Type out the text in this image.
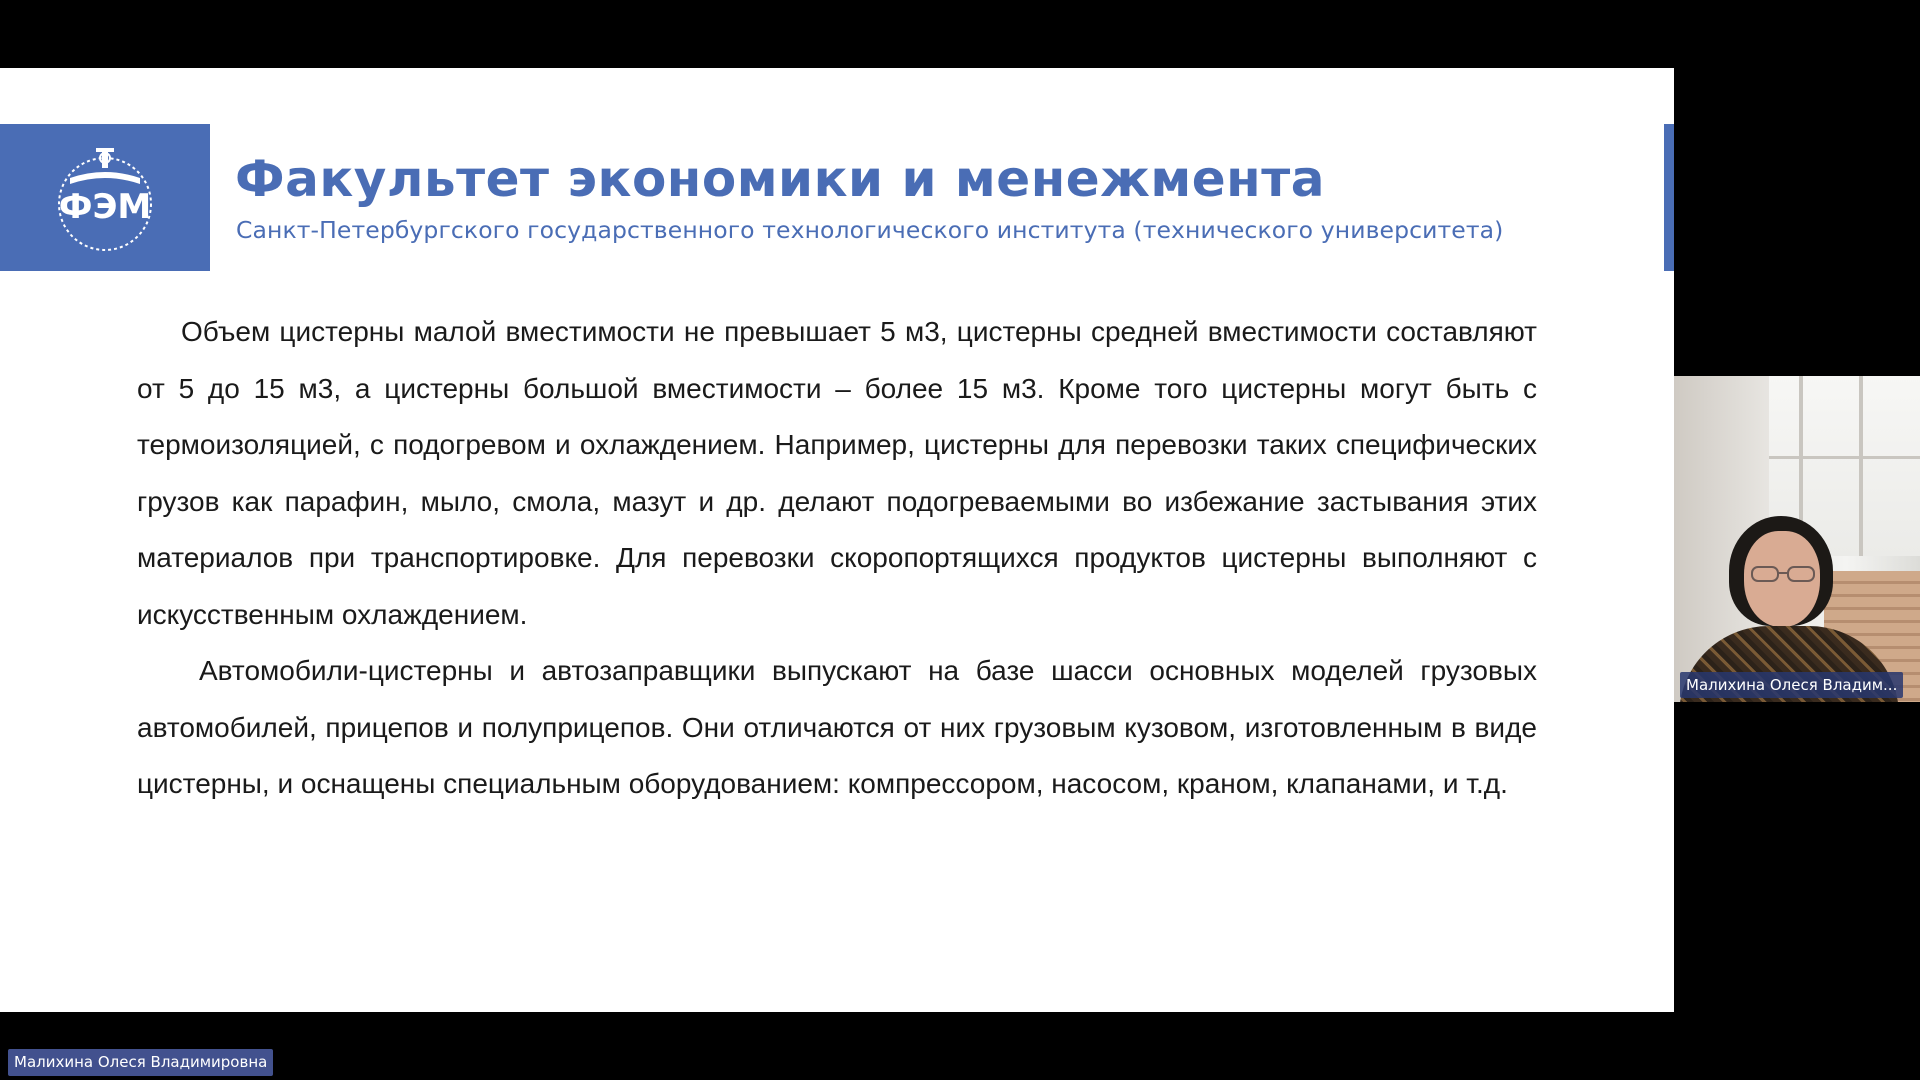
ФЭМ Факультет экономики и менежмента
Санкт-Петербургского государственного технологического института (технического университета)

Объем цистерны малой вместимости не превышает 5 м3, цистерны средней вместимости составляют от 5 до 15 м3, а цистерны большой вместимости – более 15 м3. Кроме того цистерны могут быть с термоизоляцией, с подогревом и охлаждением. Например, цистерны для перевозки таких специфических грузов как парафин, мыло, смола, мазут и др. делают подогреваемыми во избежание застывания этих материалов при транспортировке. Для перевозки скоропортящихся продуктов цистерны выполняют с искусственным охлаждением.

Автомобили-цистерны и автозаправщики выпускают на базе шасси основных моделей грузовых автомобилей, прицепов и полуприцепов. Они отличаются от них грузовым кузовом, изготовленным в виде цистерны, и оснащены специальным оборудованием: компрессором, насосом, краном, клапанами, и т.д.

Малихина Олеся Владим...
Малихина Олеся Владимировна
